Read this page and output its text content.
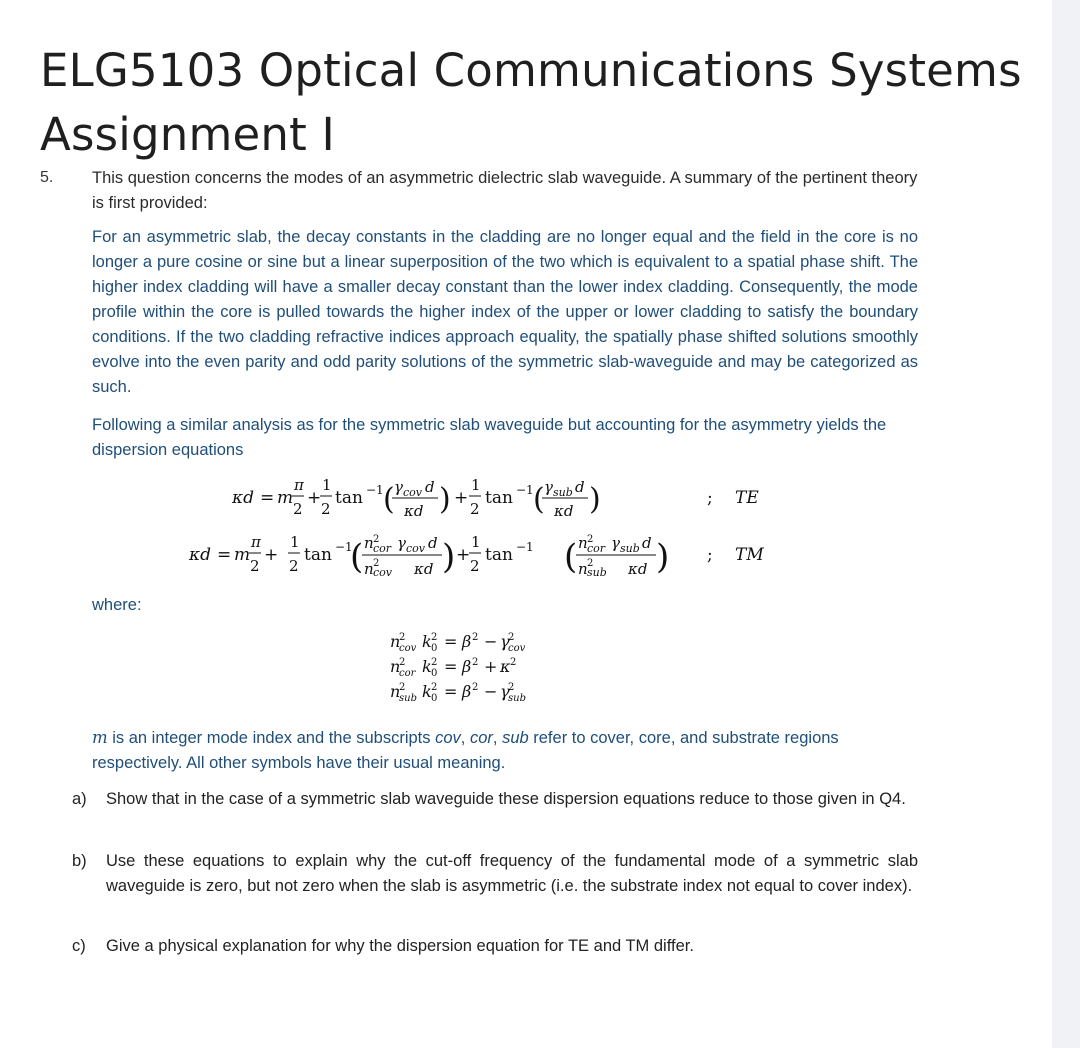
ELG5103 Optical Communications Systems
Assignment I
5. This question concerns the modes of an asymmetric dielectric slab waveguide. A summary of the pertinent theory is first provided:
For an asymmetric slab, the decay constants in the cladding are no longer equal and the field in the core is no longer a pure cosine or sine but a linear superposition of the two which is equivalent to a spatial phase shift. The higher index cladding will have a smaller decay constant than the lower index cladding. Consequently, the mode profile within the core is pulled towards the higher index of the upper or lower cladding to satisfy the boundary conditions. If the two cladding refractive indices approach equality, the spatially phase shifted solutions smoothly evolve into the even parity and odd parity solutions of the symmetric slab-waveguide and may be categorized as such.
Following a similar analysis as for the symmetric slab waveguide but accounting for the asymmetry yields the dispersion equations
κd = m
π
2
+
1
2
tan −1 ( γ cov d
κd ) +
1
2
tan −1 ( γ sub d
κd )	; TE
κd = m
π
2
+
1
2
tan −1
( n 2
cor γ cov d
n 2
cov κd ) +
1
2
tan −1 ( n 2
cor γ sub d
n 2
sub κd ) ; TM
where:
n
2
cov k 2
0 = β 2 − γ
2
cov
n
2
cor k 2
0 = β 2 + κ 2
n
2
sub k 2
0 = β 2 − γ
2
sub
m is an integer mode index and the subscripts cov, cor, sub refer to cover, core, and substrate regions respectively. All other symbols have their usual meaning.
a) Show that in the case of a symmetric slab waveguide these dispersion equations reduce to those given in Q4.
b) Use these equations to explain why the cut-off frequency of the fundamental mode of a symmetric slab waveguide is zero, but not zero when the slab is asymmetric (i.e. the substrate index not equal to cover index).
c) Give a physical explanation for why the dispersion equation for TE and TM differ.
